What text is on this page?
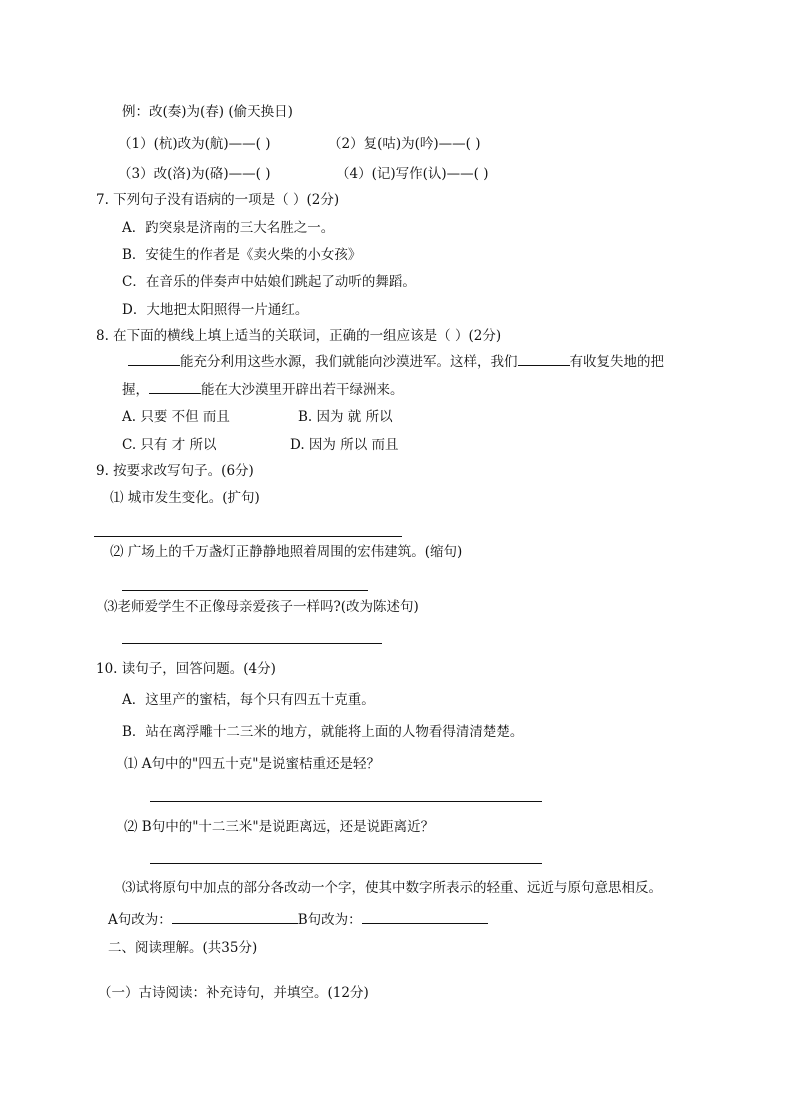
例：改(奏)为(春) (偷天换日)
（1）(杭)改为(航)——( )	（2）复(咕)为(吟)——( )
（3）改(洛)为(硌)——( )	（4）(记)写作(认)——( )
7. 下列句子没有语病的一项是（ ）(2分)
A．趵突泉是济南的三大名胜之一。
B．安徒生的作者是《卖火柴的小女孩》
C．在音乐的伴奏声中姑娘们跳起了动听的舞蹈。
D．大地把太阳照得一片通红。
8. 在下面的横线上填上适当的关联词，正确的一组应该是（ ）(2分)
能充分利用这些水源，我们就能向沙漠进军。这样，我们	有收复失地的把
握，	能在大沙漠里开辟出若干绿洲来。
A. 只要 不但 而且	B. 因为 就 所以
C. 只有 才 所以	D. 因为 所以 而且
9. 按要求改写句子。(6分)
⑴ 城市发生变化。(扩句)
⑵ 广场上的千万盏灯正静静地照着周围的宏伟建筑。(缩句)
⑶老师爱学生不正像母亲爱孩子一样吗?(改为陈述句)
10. 读句子，回答问题。(4分)
A．这里产的蜜桔，每个只有四五十克重。
B．站在离浮雕十二三米的地方，就能将上面的人物看得清清楚楚。
⑴ A句中的"四五十克"是说蜜桔重还是轻？
⑵ B句中的"十二三米"是说距离远，还是说距离近？
⑶试将原句中加点的部分各改动一个字，使其中数字所表示的轻重、远近与原句意思相反。
A句改为：	B句改为：
二、阅读理解。(共35分)
（一）古诗阅读：补充诗句，并填空。(12分)
